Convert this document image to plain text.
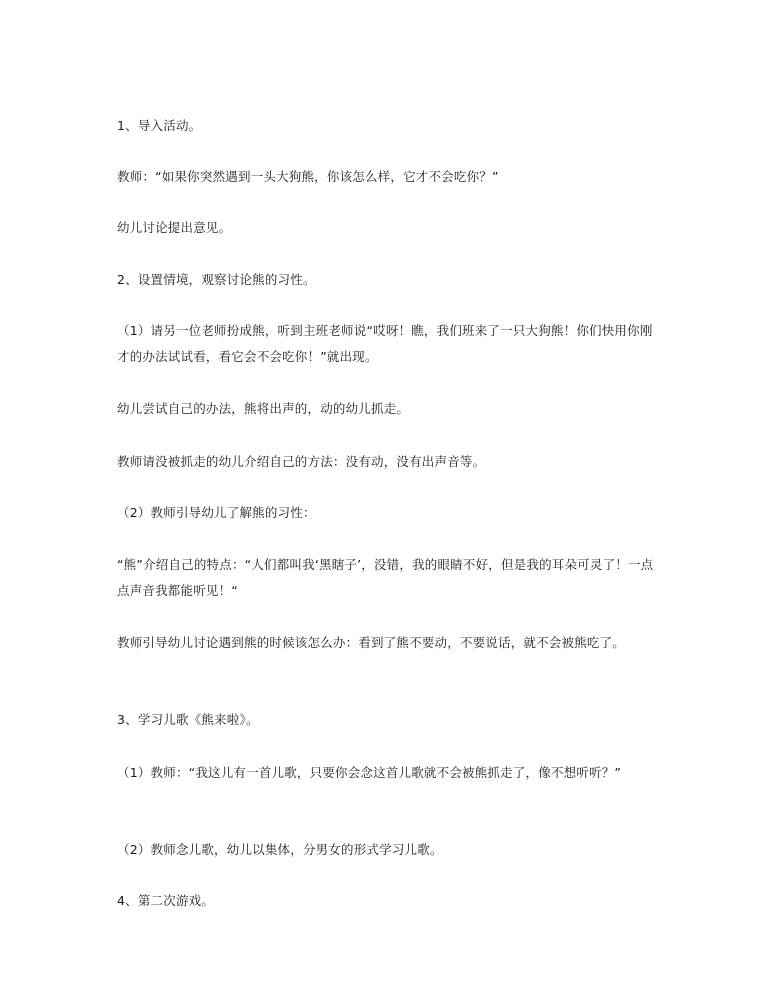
1、导入活动。
教师：“如果你突然遇到一头大狗熊，你该怎么样，它才不会吃你？”
幼儿讨论提出意见。
2、设置情境，观察讨论熊的习性。
（1）请另一位老师扮成熊，听到主班老师说“哎呀！瞧，我们班来了一只大狗熊！你们快用你刚才的办法试试看，看它会不会吃你！”就出现。
幼儿尝试自己的办法，熊将出声的，动的幼儿抓走。
教师请没被抓走的幼儿介绍自己的方法：没有动，没有出声音等。
（2）教师引导幼儿了解熊的习性：
“熊”介绍自己的特点：“人们都叫我‘黑瞎子’，没错，我的眼睛不好，但是我的耳朵可灵了！一点点声音我都能听见！“
教师引导幼儿讨论遇到熊的时候该怎么办：看到了熊不要动，不要说话，就不会被熊吃了。
3、学习儿歌《熊来啦》。
（1）教师：“我这儿有一首儿歌，只要你会念这首儿歌就不会被熊抓走了，像不想听听？”
（2）教师念儿歌，幼儿以集体，分男女的形式学习儿歌。
4、第二次游戏。
